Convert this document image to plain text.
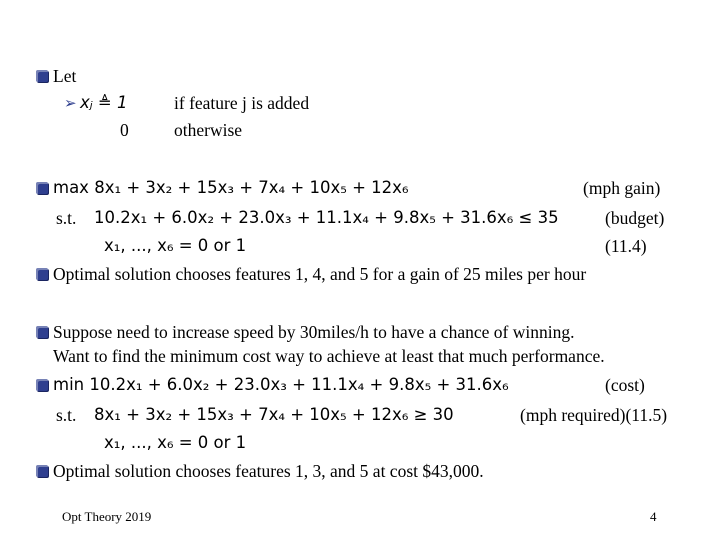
Let
➢ xⱼ ≜ 1	if feature j is added
0	otherwise
max 8x₁ + 3x₂ + 15x₃ + 7x₄ + 10x₅ + 12x₆	(mph gain)
s.t. 10.2x₁ + 6.0x₂ + 23.0x₃ + 11.1x₄ + 9.8x₅ + 31.6x₆ ≤ 35	(budget)
x₁, ..., x₆ = 0 or 1	(11.4)
Optimal solution chooses features 1, 4, and 5 for a gain of 25 miles per hour
Suppose need to increase speed by 30miles/h to have a chance of winning.
Want to find the minimum cost way to achieve at least that much performance.
min 10.2x₁ + 6.0x₂ + 23.0x₃ + 11.1x₄ + 9.8x₅ + 31.6x₆	(cost)
s.t. 8x₁ + 3x₂ + 15x₃ + 7x₄ + 10x₅ + 12x₆ ≥ 30	(mph required)(11.5)
x₁, ..., x₆ = 0 or 1
Optimal solution chooses features 1, 3, and 5 at cost $43,000.
Opt Theory 2019	4
